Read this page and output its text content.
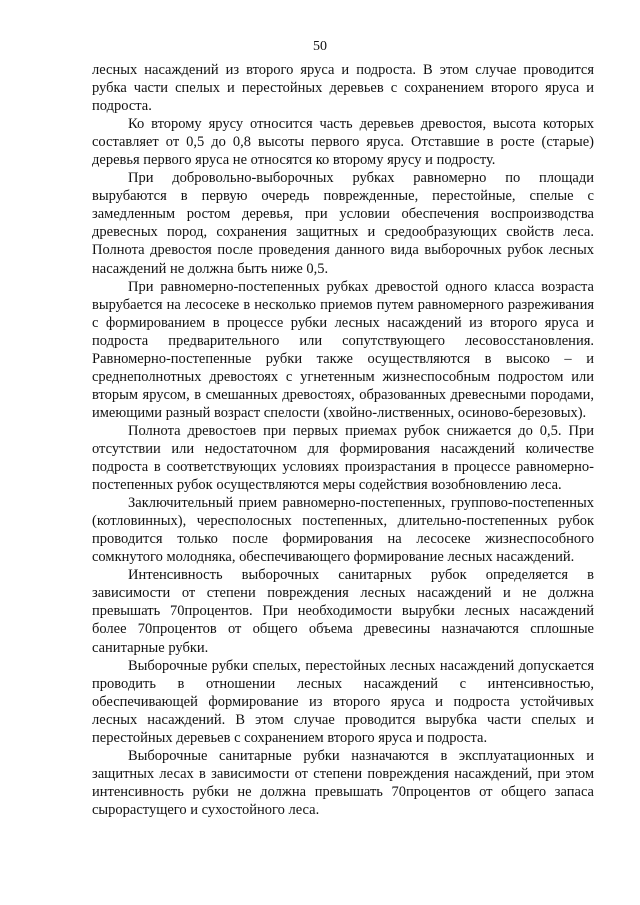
50

лесных насаждений из второго яруса и подроста. В этом случае проводится рубка части спелых и перестойных деревьев с сохранением второго яруса и подроста.

Ко второму ярусу относится часть деревьев древостоя, высота которых составляет от 0,5 до 0,8 высоты первого яруса. Отставшие в росте (старые) деревья первого яруса не относятся ко второму ярусу и подросту.

При добровольно-выборочных рубках равномерно по площади вырубаются в первую очередь поврежденные, перестойные, спелые с замедленным ростом деревья, при условии обеспечения воспроизводства древесных пород, сохранения защитных и средообразующих свойств леса. Полнота древостоя после проведения данного вида выборочных рубок лесных насаждений не должна быть ниже 0,5.

При равномерно-постепенных рубках древостой одного класса возраста вырубается на лесосеке в несколько приемов путем равномерного разреживания с формированием в процессе рубки лесных насаждений из второго яруса и подроста предварительного или сопутствующего лесовосстановления. Равномерно-постепенные рубки также осуществляются в высоко – и среднеполнотных древостоях с угнетенным жизнеспособным подростом или вторым ярусом, в смешанных древостоях, образованных древесными породами, имеющими разный возраст спелости (хвойно-лиственных, осиново-березовых).

Полнота древостоев при первых приемах рубок снижается до 0,5. При отсутствии или недостаточном для формирования насаждений количестве подроста в соответствующих условиях произрастания в процессе равномерно-постепенных рубок осуществляются меры содействия возобновлению леса.

Заключительный прием равномерно-постепенных, группово-постепенных (котловинных), чересполосных постепенных, длительно-постепенных рубок проводится только после формирования на лесосеке жизнеспособного сомкнутого молодняка, обеспечивающего формирование лесных насаждений.

Интенсивность выборочных санитарных рубок определяется в зависимости от степени повреждения лесных насаждений и не должна превышать 70процентов. При необходимости вырубки лесных насаждений более 70процентов от общего объема древесины назначаются сплошные санитарные рубки.

Выборочные рубки спелых, перестойных лесных насаждений допускается проводить в отношении лесных насаждений с интенсивностью, обеспечивающей формирование из второго яруса и подроста устойчивых лесных насаждений. В этом случае проводится вырубка части спелых и перестойных деревьев с сохранением второго яруса и подроста.

Выборочные санитарные рубки назначаются в эксплуатационных и защитных лесах в зависимости от степени повреждения насаждений, при этом интенсивность рубки не должна превышать 70процентов от общего запаса сырорастущего и сухостойного леса.
